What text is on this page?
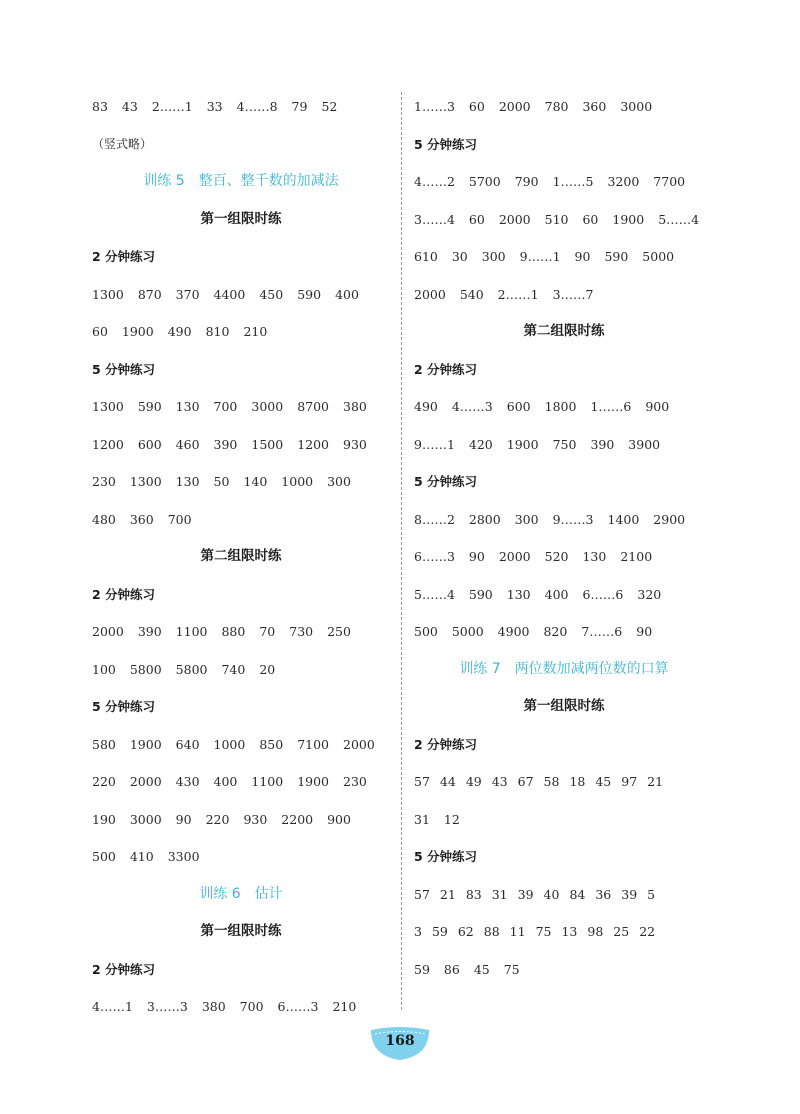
83 43 2……1 33 4……8 79 52
（竖式略）
训练 5 整百、整千数的加减法
第一组限时练
2 分钟练习
1300 870 370 4400 450 590 400
60 1900 490 810 210
5 分钟练习
1300 590 130 700 3000 8700 380
1200 600 460 390 1500 1200 930
230 1300 130 50 140 1000 300
480 360 700
第二组限时练
2 分钟练习
2000 390 1100 880 70 730 250
100 5800 5800 740 20
5 分钟练习
580 1900 640 1000 850 7100 2000
220 2000 430 400 1100 1900 230
190 3000 90 220 930 2200 900
500 410 3300
训练 6 估计
第一组限时练
2 分钟练习
4……1 3……3 380 700 6……3 210
1……3 60 2000 780 360 3000
5 分钟练习
4……2 5700 790 1……5 3200 7700
3……4 60 2000 510 60 1900 5……4
610 30 300 9……1 90 590 5000
2000 540 2……1 3……7
第二组限时练
2 分钟练习
490 4……3 600 1800 1……6 900
9……1 420 1900 750 390 3900
5 分钟练习
8……2 2800 300 9……3 1400 2900
6……3 90 2000 520 130 2100
5……4 590 130 400 6……6 320
500 5000 4900 820 7……6 90
训练 7 两位数加减两位数的口算
第一组限时练
2 分钟练习
57 44 49 43 67 58 18 45 97 21
31 12
5 分钟练习
57 21 83 31 39 40 84 36 39 5
3 59 62 88 11 75 13 98 25 22
59 86 45 75
168
